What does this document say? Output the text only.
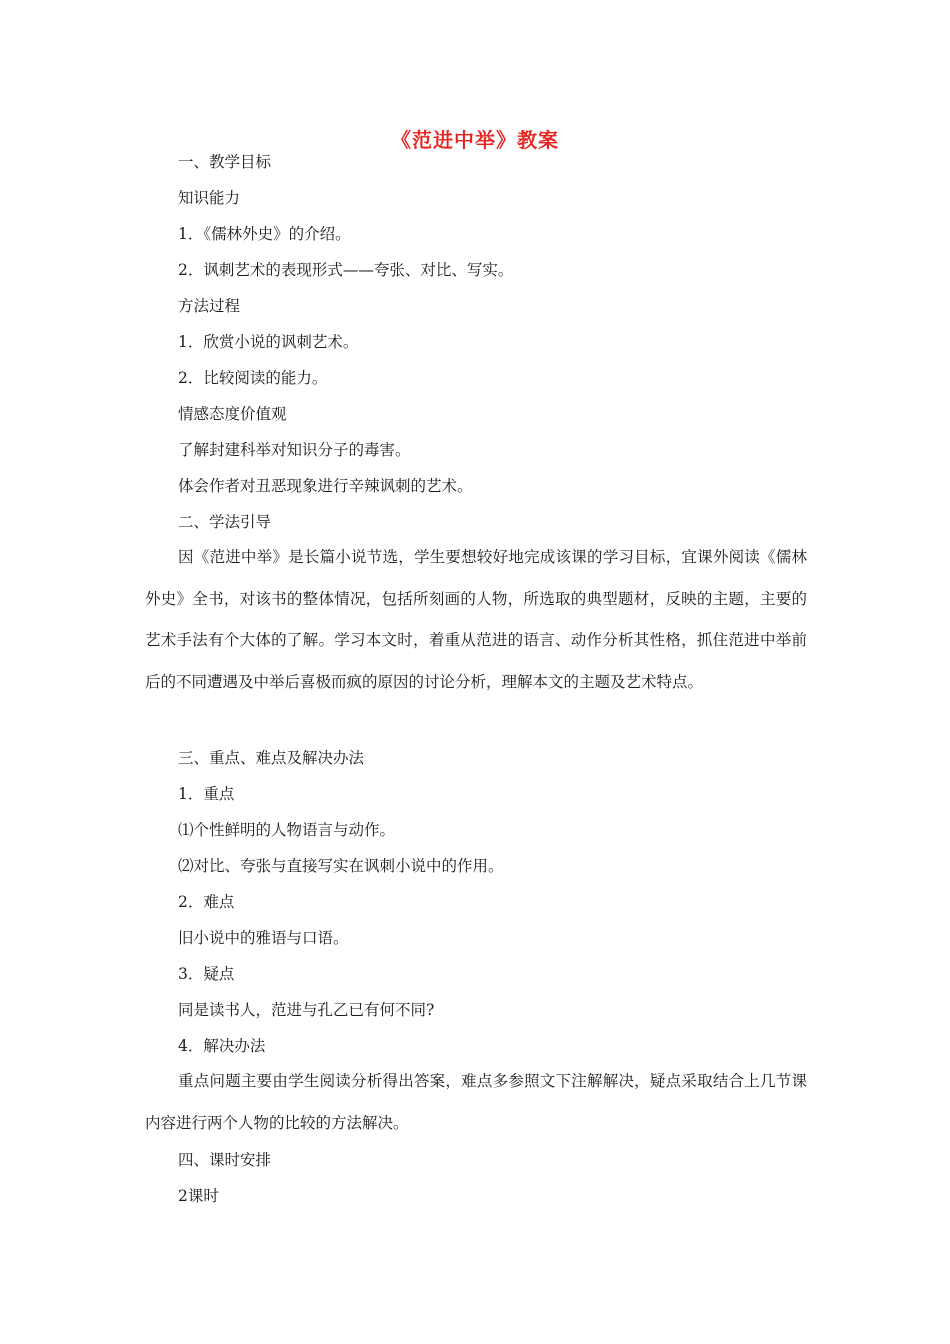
《范进中举》教案
一、教学目标
知识能力
1．《儒林外史》的介绍。
2．讽刺艺术的表现形式——夸张、对比、写实。
方法过程
1．欣赏小说的讽刺艺术。
2．比较阅读的能力。
情感态度价值观
了解封建科举对知识分子的毒害。
体会作者对丑恶现象进行辛辣讽刺的艺术。
二、学法引导
因《范进中举》是长篇小说节选，学生要想较好地完成该课的学习目标，宜课外阅读《儒林外史》全书，对该书的整体情况，包括所刻画的人物，所选取的典型题材，反映的主题，主要的艺术手法有个大体的了解。学习本文时，着重从范进的语言、动作分析其性格，抓住范进中举前后的不同遭遇及中举后喜极而疯的原因的讨论分析，理解本文的主题及艺术特点。
三、重点、难点及解决办法
1．重点
⑴个性鲜明的人物语言与动作。
⑵对比、夸张与直接写实在讽刺小说中的作用。
2．难点
旧小说中的雅语与口语。
3．疑点
同是读书人，范进与孔乙已有何不同?
4．解决办法
重点问题主要由学生阅读分析得出答案，难点多参照文下注解解决，疑点采取结合上几节课内容进行两个人物的比较的方法解决。
四、课时安排
2课时
